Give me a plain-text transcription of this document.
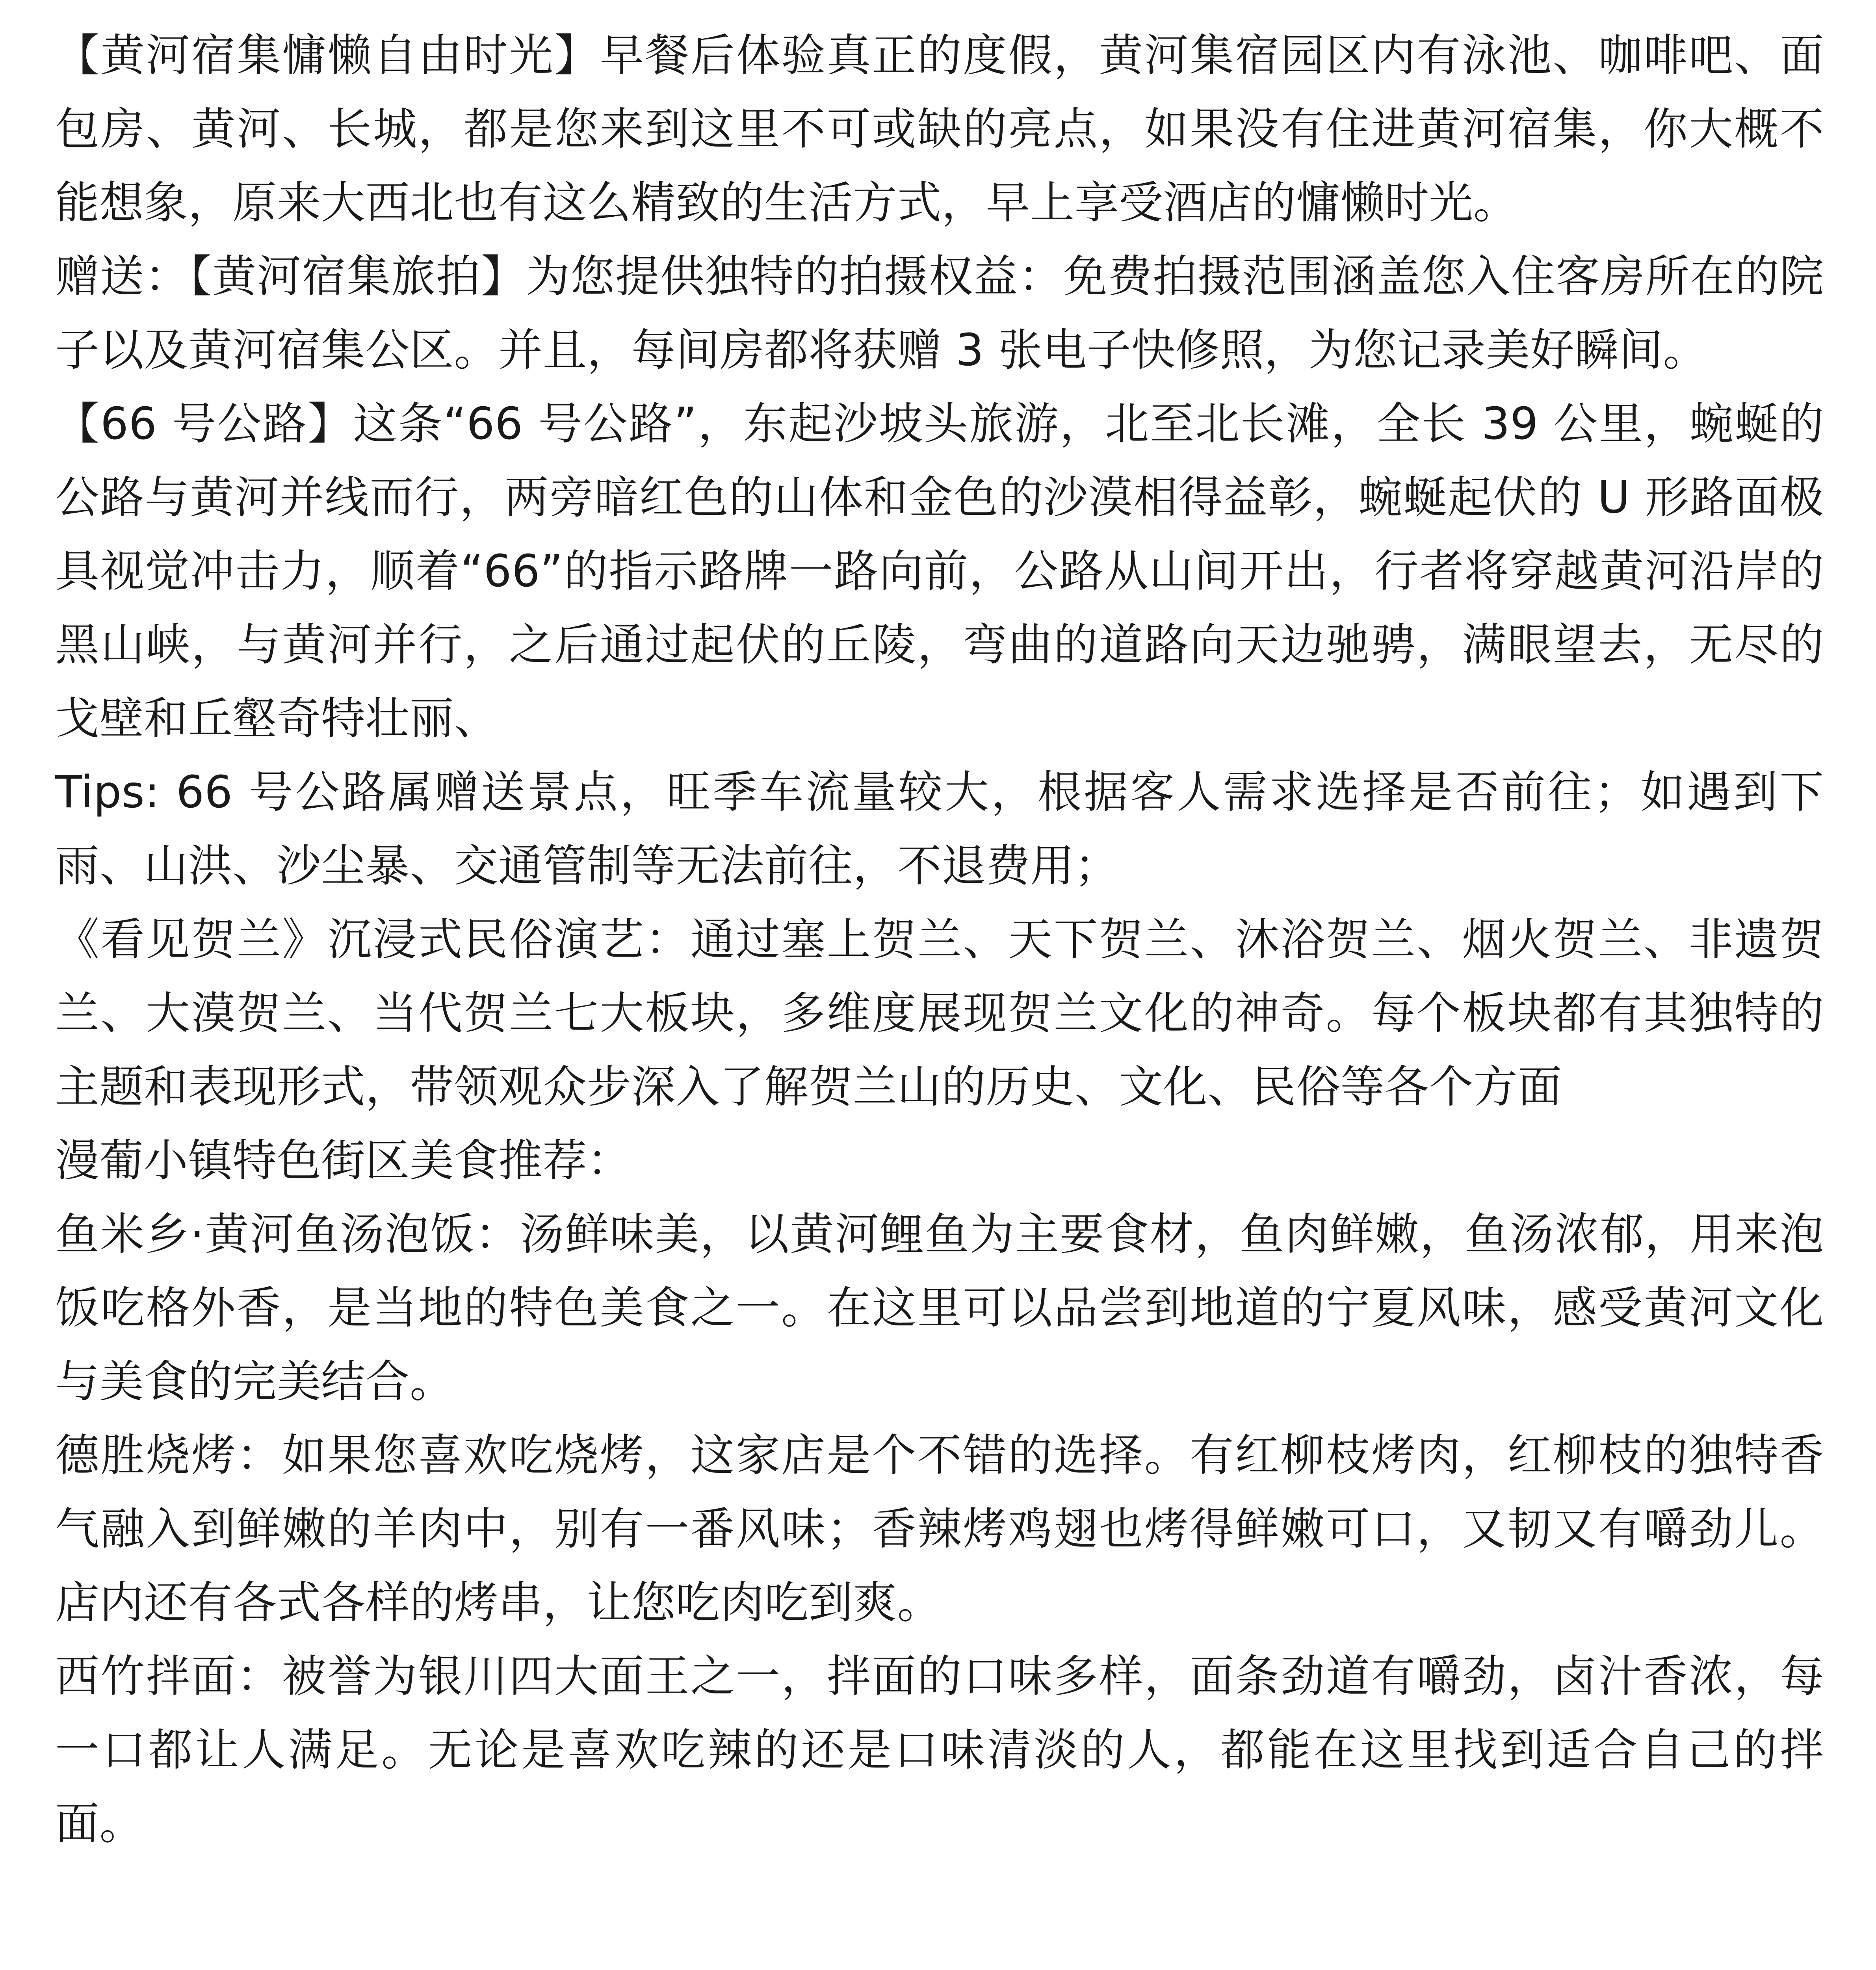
【黄河宿集慵懒自由时光】早餐后体验真正的度假，黄河集宿园区内有泳池、咖啡吧、面包房、黄河、长城，都是您来到这里不可或缺的亮点，如果没有住进黄河宿集，你大概不能想象，原来大西北也有这么精致的生活方式，早上享受酒店的慵懒时光。

赠送：【黄河宿集旅拍】为您提供独特的拍摄权益：免费拍摄范围涵盖您入住客房所在的院子以及黄河宿集公区。并且，每间房都将获赠 3 张电子快修照，为您记录美好瞬间。

【66 号公路】这条“66 号公路”，东起沙坡头旅游，北至北长滩，全长 39 公里，蜿蜒的公路与黄河并线而行，两旁暗红色的山体和金色的沙漠相得益彰，蜿蜒起伏的 U 形路面极具视觉冲击力，顺着“66”的指示路牌一路向前，公路从山间开出，行者将穿越黄河沿岸的黑山峡，与黄河并行，之后通过起伏的丘陵，弯曲的道路向天边驰骋，满眼望去，无尽的戈壁和丘壑奇特壮丽、

Tips: 66 号公路属赠送景点，旺季车流量较大，根据客人需求选择是否前往；如遇到下雨、山洪、沙尘暴、交通管制等无法前往，不退费用；

《看见贺兰》沉浸式民俗演艺：通过塞上贺兰、天下贺兰、沐浴贺兰、烟火贺兰、非遗贺兰、大漠贺兰、当代贺兰七大板块，多维度展现贺兰文化的神奇。每个板块都有其独特的主题和表现形式，带领观众步深入了解贺兰山的历史、文化、民俗等各个方面

漫葡小镇特色街区美食推荐：

鱼米乡·黄河鱼汤泡饭：汤鲜味美，以黄河鲤鱼为主要食材，鱼肉鲜嫩，鱼汤浓郁，用来泡饭吃格外香，是当地的特色美食之一。在这里可以品尝到地道的宁夏风味，感受黄河文化与美食的完美结合。

德胜烧烤：如果您喜欢吃烧烤，这家店是个不错的选择。有红柳枝烤肉，红柳枝的独特香气融入到鲜嫩的羊肉中，别有一番风味；香辣烤鸡翅也烤得鲜嫩可口，又韧又有嚼劲儿。店内还有各式各样的烤串，让您吃肉吃到爽。

西竹拌面：被誉为银川四大面王之一，拌面的口味多样，面条劲道有嚼劲，卤汁香浓，每一口都让人满足。无论是喜欢吃辣的还是口味清淡的人，都能在这里找到适合自己的拌面。
